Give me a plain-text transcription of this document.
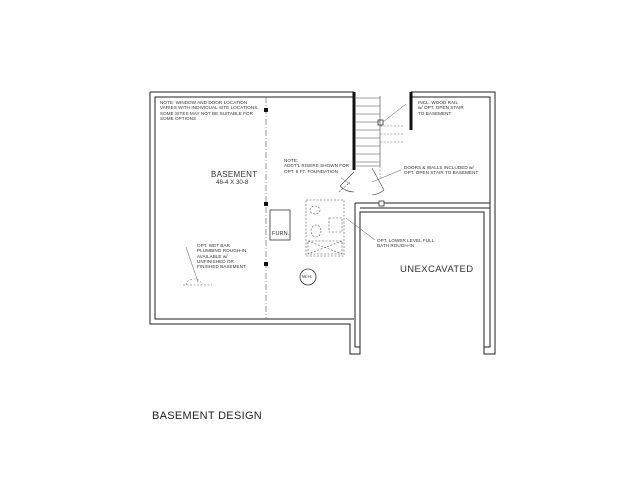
NOTE: WINDOW AND DOOR LOCATION
VARIES WITH INDIVIDUAL SITE LOCATIONS.
SOME SITES MAY NOT BE SUITABLE FOR
SOME OPTIONS
INCL. WOOD RAIL
w/ OPT. OPEN STAIR
TO BASEMENT
NOTE:
ADDT'L RISERS SHOWN FOR
OPT. 9 FT. FOUNDATION
DOORS & WALLS INCLUDED w/
OPT. OPEN STAIR TO BASEMENT
OPT. LOWER LEVEL FULL
BATH ROUGH-IN
OPT. WET BAR
PLUMBING ROUGH-IN
AVAILABLE w/
UNFINISHED OR
FINISHED BASEMENT
BASEMENT
46-4 X 30-8
FURN.
W.H.
UNEXCAVATED
BASEMENT DESIGN
